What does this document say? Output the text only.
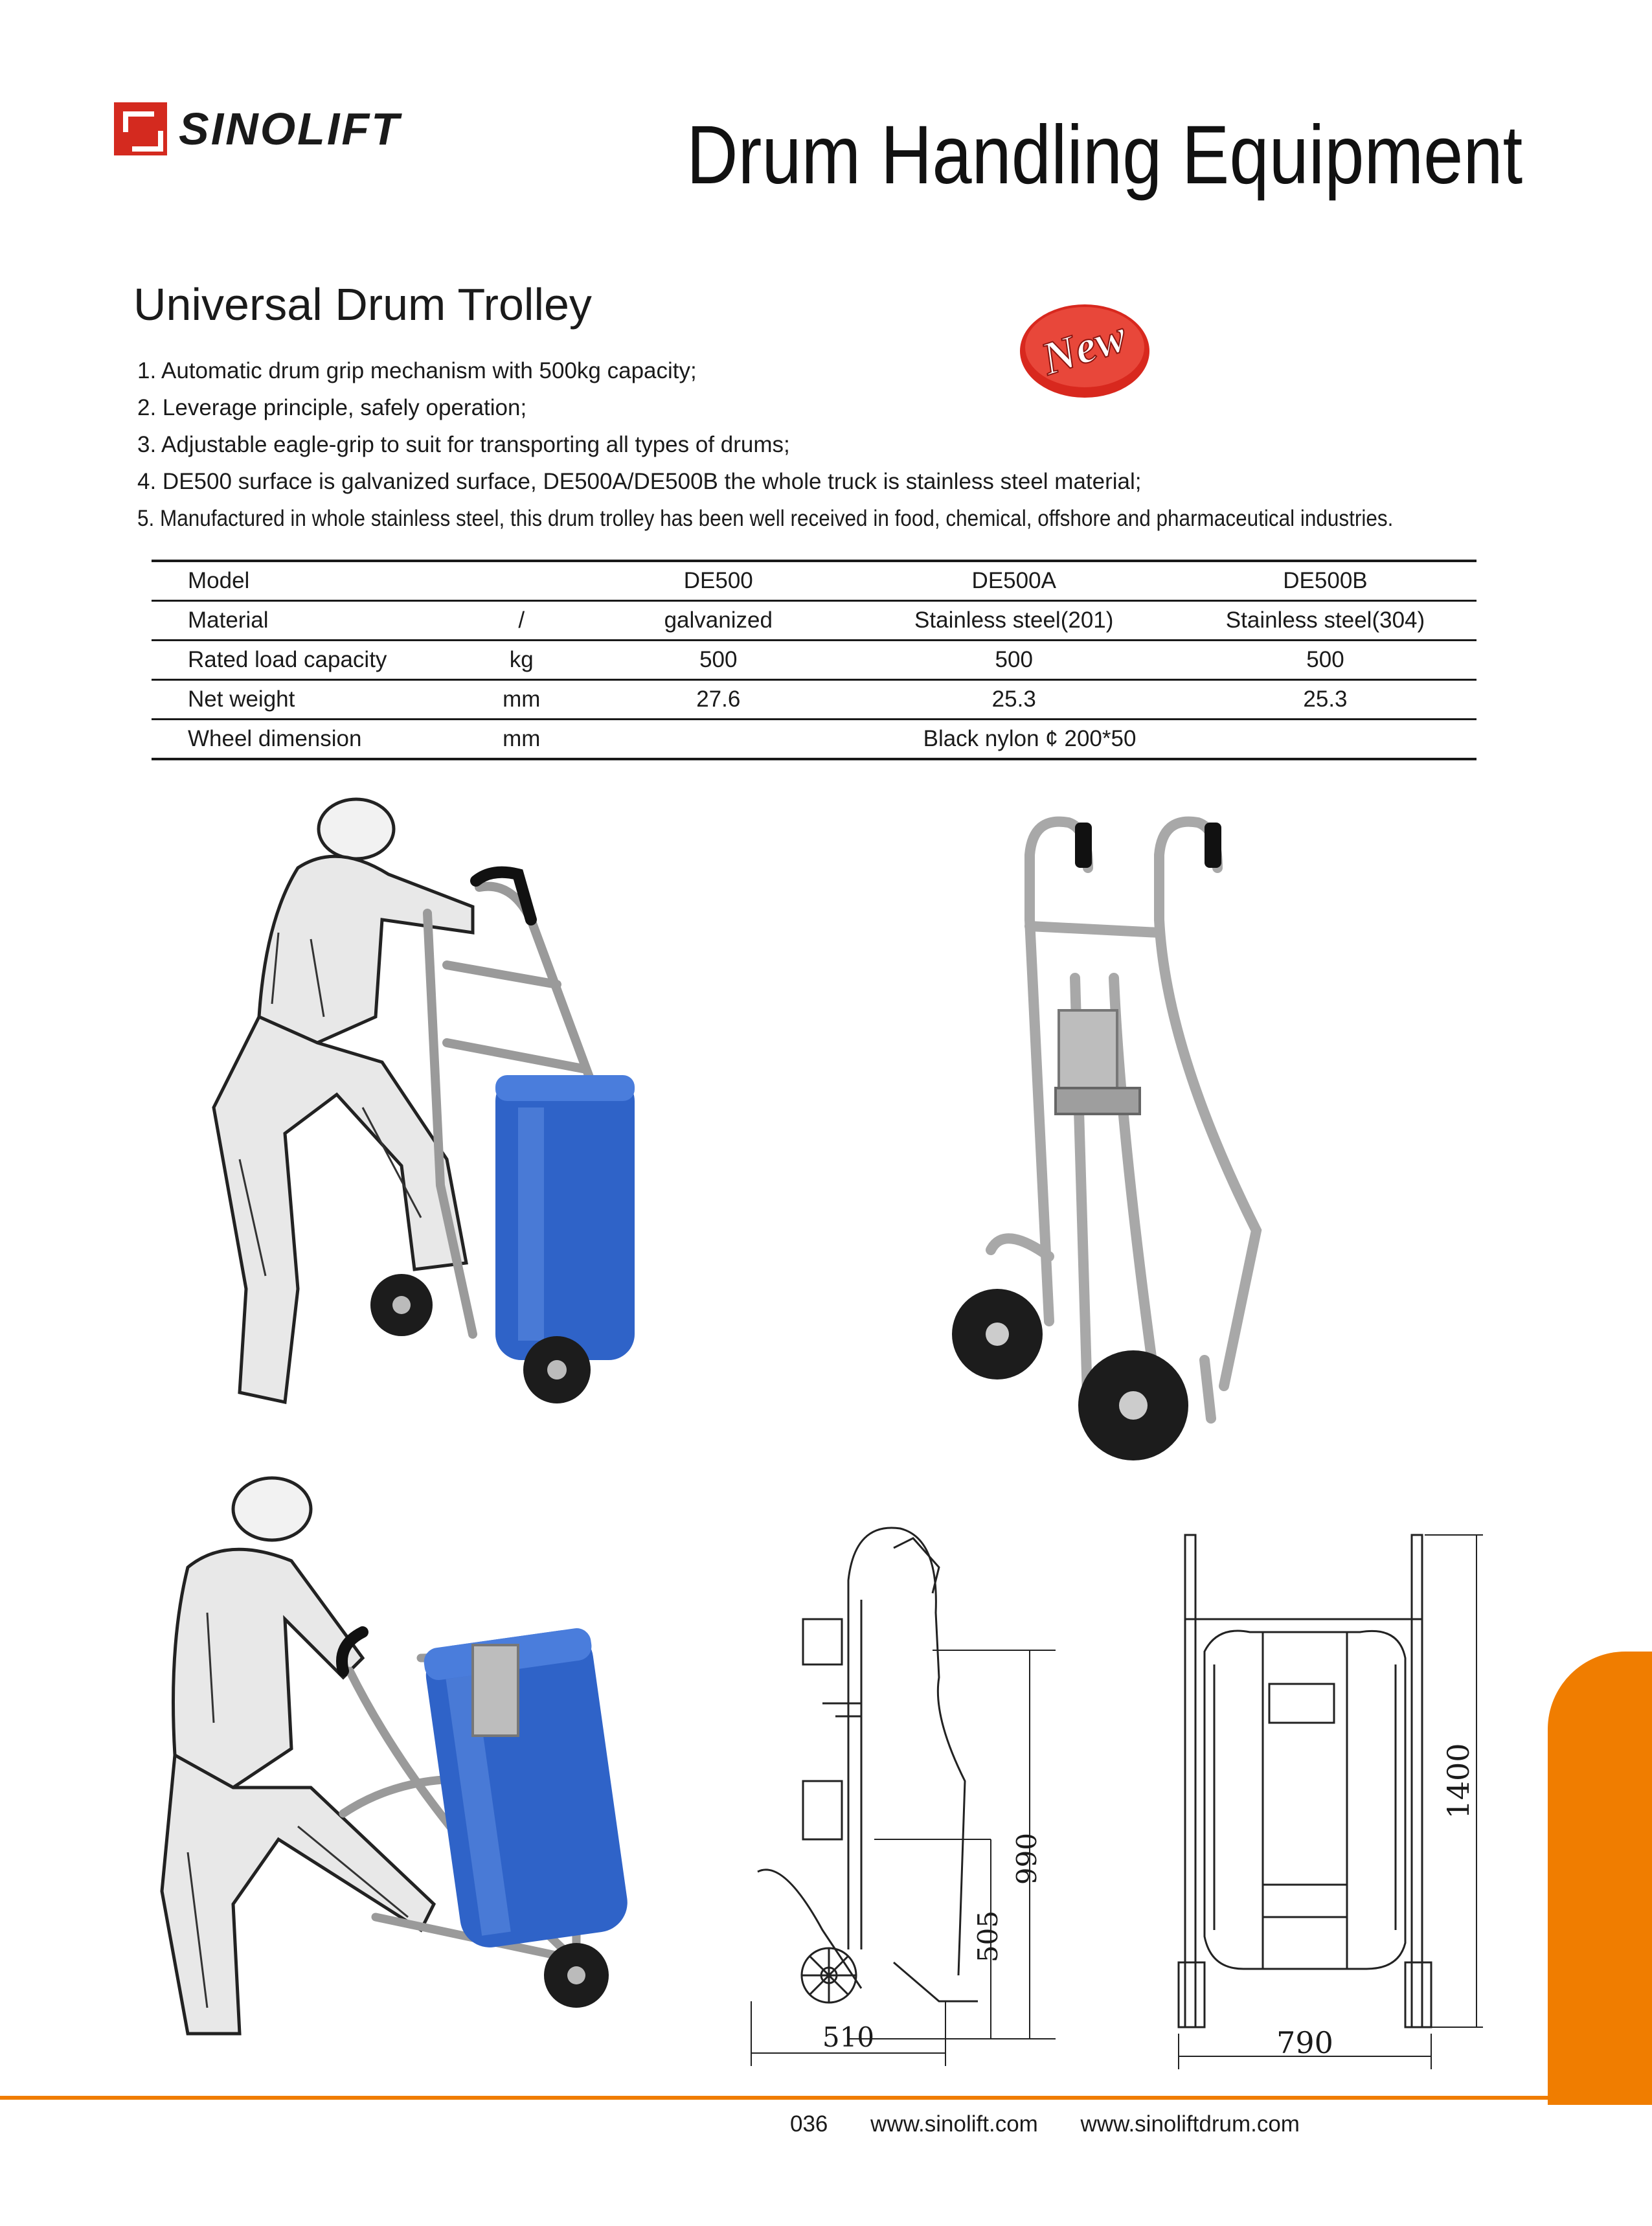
SINOLIFT	Drum Handling Equipment
Universal Drum Trolley
New
1. Automatic drum grip mechanism with 500kg capacity;
2. Leverage principle, safely operation;
3. Adjustable eagle-grip to suit for transporting all types of drums;
4. DE500 surface is galvanized surface, DE500A/DE500B the whole truck is stainless steel material;
5. Manufactured in whole stainless steel, this drum trolley has been well received in food, chemical, offshore and pharmaceutical industries.
Model		DE500	DE500A	DE500B
Material	/	galvanized	Stainless steel(201)	Stainless steel(304)
Rated load capacity	kg	500	500	500
Net weight	mm	27.6	25.3	25.3
Wheel dimension	mm	Black nylon ¢ 200*50		
990
505
510
1400
790
036 www.sinolift.com www.sinoliftdrum.com
